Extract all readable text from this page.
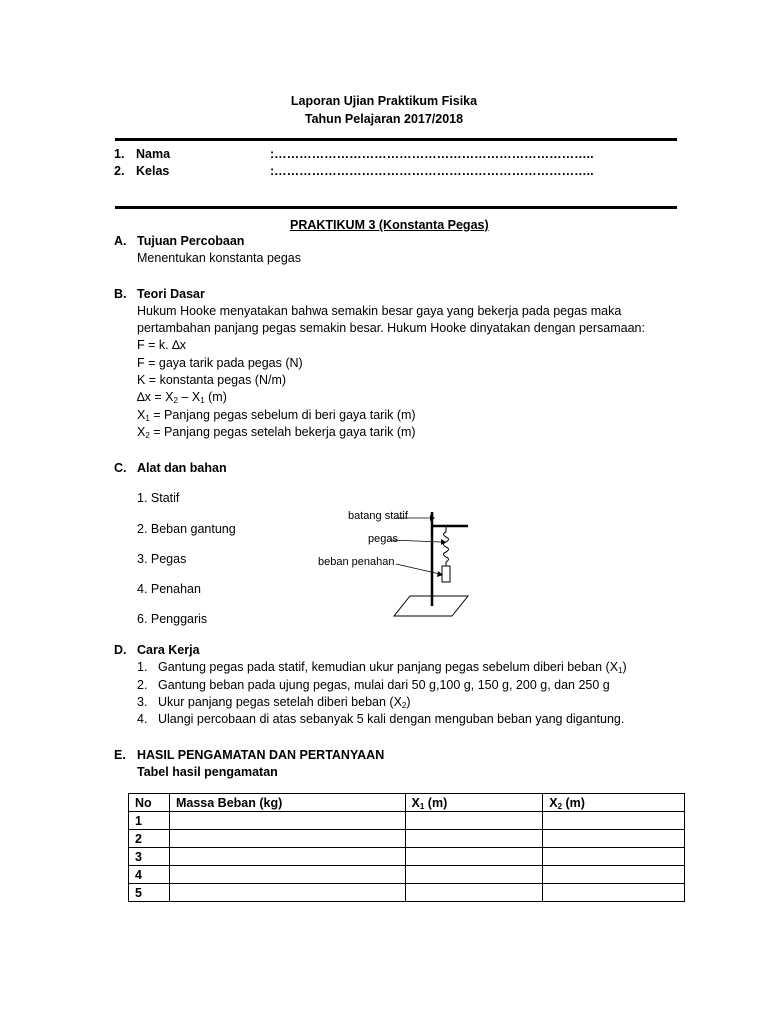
Laporan Ujian Praktikum Fisika
Tahun Pelajaran 2017/2018
1. Nama	:…………………………………………………………………..
2. Kelas	:…………………………………………………………………..
PRAKTIKUM 3 (Konstanta Pegas)
A. Tujuan Percobaan
Menentukan konstanta pegas
B. Teori Dasar
Hukum Hooke menyatakan bahwa semakin besar gaya yang bekerja pada pegas maka
pertambahan panjang pegas semakin besar. Hukum Hooke dinyatakan dengan persamaan:
F = k. ∆x
F = gaya tarik pada pegas (N)
K = konstanta pegas (N/m)
$\Delta x = X_2 - X_1$ (m)
$X_1$ = Panjang pegas sebelum di beri gaya tarik (m)
$X_2$ = Panjang pegas setelah bekerja gaya tarik (m)
C. Alat dan bahan
1. Statif
2. Beban gantung
3. Pegas
4. Penahan
6. Penggaris
batang statif
pegas
beban penahan
D. Cara Kerja
1. Gantung pegas pada statif, kemudian ukur panjang pegas sebelum diberi beban $(X_1)$
2. Gantung beban pada ujung pegas, mulai dari 50 g,100 g, 150 g, 200 g, dan 250 g
3. Ukur panjang pegas setelah diberi beban $(X_2)$
4. Ulangi percobaan di atas sebanyak 5 kali dengan menguban beban yang digantung.
E. HASIL PENGAMATAN DAN PERTANYAAN
Tabel hasil pengamatan
No	Massa Beban (kg)	$X_1$ (m)	$X_2$ (m)
1			
2			
3			
4			
5			
